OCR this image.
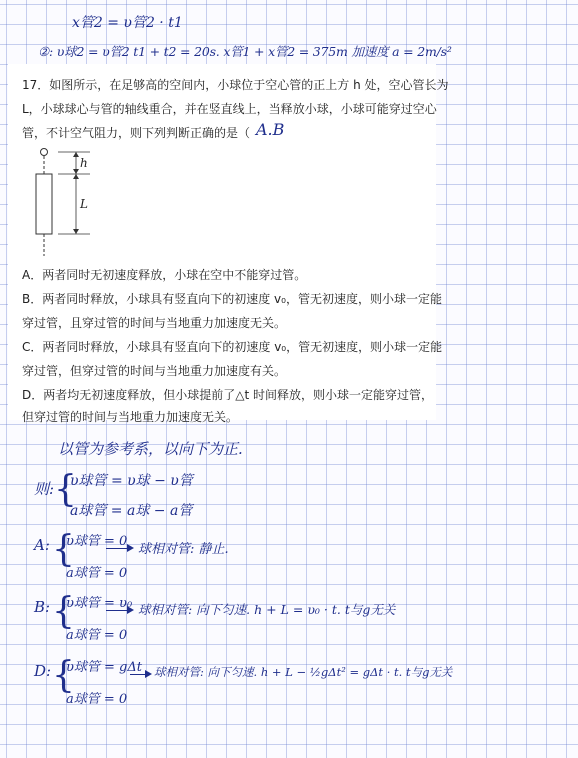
x管2 = υ管2 · t1
②: υ球2 = υ管2 t1 + t2 = 20s. x管1 + x管2 = 375m 加速度 a = 2m/s²
17．如图所示，在足够高的空间内，小球位于空心管的正上方 h 处，空心管长为
L，小球球心与管的轴线重合，并在竖直线上，当释放小球，小球可能穿过空心
管，不计空气阻力，则下列判断正确的是（ A.B
h
L
A．两者同时无初速度释放，小球在空中不能穿过管。
B．两者同时释放，小球具有竖直向下的初速度 v₀，管无初速度，则小球一定能
穿过管，且穿过管的时间与当地重力加速度无关。
C．两者同时释放，小球具有竖直向下的初速度 v₀，管无初速度，则小球一定能
穿过管，但穿过管的时间与当地重力加速度有关。
D．两者均无初速度释放，但小球提前了△t 时间释放，则小球一定能穿过管，
但穿过管的时间与当地重力加速度无关。
以管为参考系，以向下为正.
则: {
υ球管 = υ球 − υ管
a球管 = a球 − a管
A: {
υ球管 = 0
a球管 = 0
球相对管: 静止.
B: {
υ球管 = υ₀
a球管 = 0
球相对管: 向下匀速. h + L = υ₀ · t. t与g无关
D: {
υ球管 = gΔt
a球管 = 0
球相对管: 向下匀速. h + L − ½gΔt² = gΔt · t. t与g无关
